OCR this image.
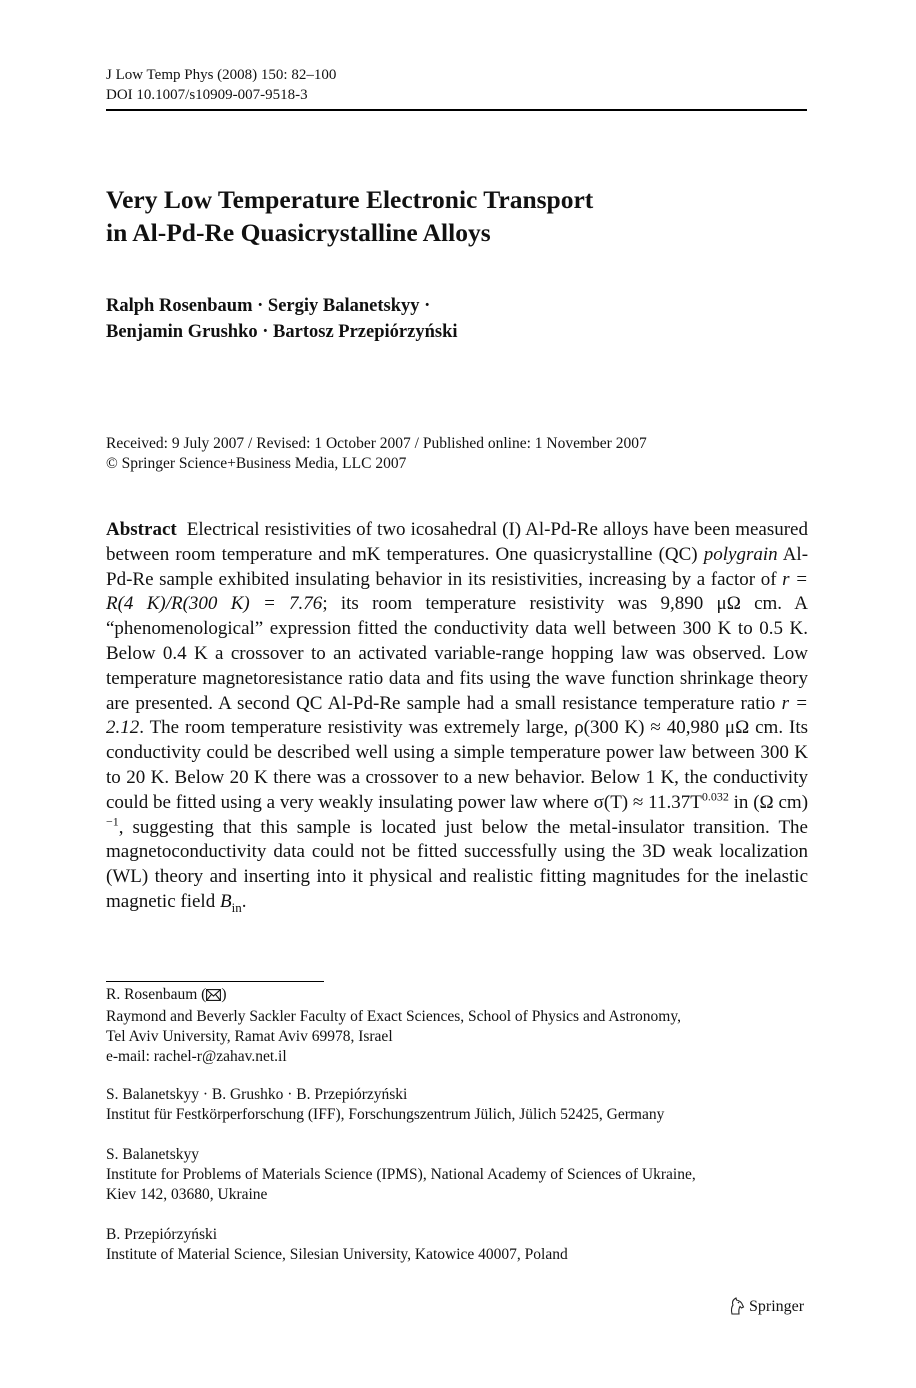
J Low Temp Phys (2008) 150: 82–100
DOI 10.1007/s10909-007-9518-3
Very Low Temperature Electronic Transport
in Al-Pd-Re Quasicrystalline Alloys
Ralph Rosenbaum · Sergiy Balanetskyy ·
Benjamin Grushko · Bartosz Przepiórzyński
Received: 9 July 2007 / Revised: 1 October 2007 / Published online: 1 November 2007
© Springer Science+Business Media, LLC 2007
Abstract Electrical resistivities of two icosahedral (I) Al-Pd-Re alloys have been measured between room temperature and mK temperatures. One quasicrystalline (QC) polygrain Al-Pd-Re sample exhibited insulating behavior in its resistivities, increasing by a factor of r = R(4 K)/R(300 K) = 7.76; its room temperature resistivity was 9,890 μΩ cm. A “phenomenological” expression fitted the conductivity data well between 300 K to 0.5 K. Below 0.4 K a crossover to an activated variable-range hopping law was observed. Low temperature magnetoresistance ratio data and fits using the wave function shrinkage theory are presented. A second QC Al-Pd-Re sample had a small resistance temperature ratio r = 2.12. The room temperature resistivity was extremely large, ρ(300 K) ≈ 40,980 μΩ cm. Its conductivity could be described well using a simple temperature power law between 300 K to 20 K. Below 20 K there was a crossover to a new behavior. Below 1 K, the conductivity could be fitted using a very weakly insulating power law where $\sigma(T) \approx 11.37T^{0.032}$ in (Ω cm)$^{-1}$, suggesting that this sample is located just below the metal-insulator transition. The magnetoconductivity data could not be fitted successfully using the 3D weak localization (WL) theory and inserting into it physical and realistic fitting magnitudes for the inelastic magnetic field $B_{in}$.
R. Rosenbaum ( )
Raymond and Beverly Sackler Faculty of Exact Sciences, School of Physics and Astronomy,
Tel Aviv University, Ramat Aviv 69978, Israel
e-mail: rachel-r@zahav.net.il
S. Balanetskyy · B. Grushko · B. Przepiórzyński
Institut für Festkörperforschung (IFF), Forschungszentrum Jülich, Jülich 52425, Germany
S. Balanetskyy
Institute for Problems of Materials Science (IPMS), National Academy of Sciences of Ukraine,
Kiev 142, 03680, Ukraine
B. Przepiórzyński
Institute of Material Science, Silesian University, Katowice 40007, Poland
Springer
